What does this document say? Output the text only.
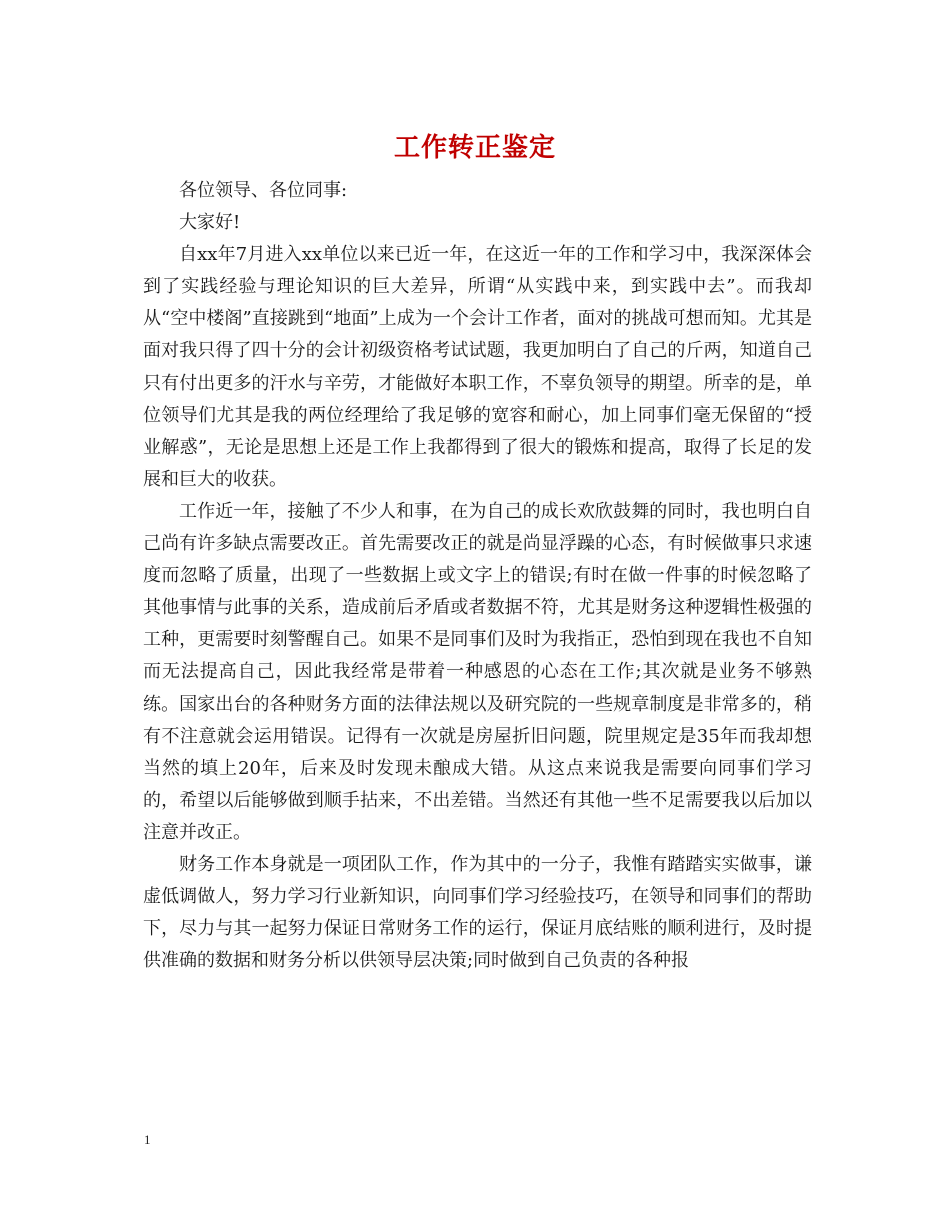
工作转正鉴定

各位领导、各位同事:

大家好!

自xx年7月进入xx单位以来已近一年，在这近一年的工作和学习中，我深深体会到了实践经验与理论知识的巨大差异，所谓“从实践中来，到实践中去”。而我却从“空中楼阁”直接跳到“地面”上成为一个会计工作者，面对的挑战可想而知。尤其是面对我只得了四十分的会计初级资格考试试题，我更加明白了自己的斤两，知道自己只有付出更多的汗水与辛劳，才能做好本职工作，不辜负领导的期望。所幸的是，单位领导们尤其是我的两位经理给了我足够的宽容和耐心，加上同事们毫无保留的“授业解惑”，无论是思想上还是工作上我都得到了很大的锻炼和提高，取得了长足的发展和巨大的收获。

工作近一年，接触了不少人和事，在为自己的成长欢欣鼓舞的同时，我也明白自己尚有许多缺点需要改正。首先需要改正的就是尚显浮躁的心态，有时候做事只求速度而忽略了质量，出现了一些数据上或文字上的错误;有时在做一件事的时候忽略了其他事情与此事的关系，造成前后矛盾或者数据不符，尤其是财务这种逻辑性极强的工种，更需要时刻警醒自己。如果不是同事们及时为我指正，恐怕到现在我也不自知而无法提高自己，因此我经常是带着一种感恩的心态在工作;其次就是业务不够熟练。国家出台的各种财务方面的法律法规以及研究院的一些规章制度是非常多的，稍有不注意就会运用错误。记得有一次就是房屋折旧问题，院里规定是35年而我却想当然的填上20年，后来及时发现未酿成大错。从这点来说我是需要向同事们学习的，希望以后能够做到顺手拈来，不出差错。当然还有其他一些不足需要我以后加以注意并改正。

财务工作本身就是一项团队工作，作为其中的一分子，我惟有踏踏实实做事，谦虚低调做人，努力学习行业新知识，向同事们学习经验技巧，在领导和同事们的帮助下，尽力与其一起努力保证日常财务工作的运行，保证月底结账的顺利进行，及时提供准确的数据和财务分析以供领导层决策;同时做到自己负责的各种报

1
